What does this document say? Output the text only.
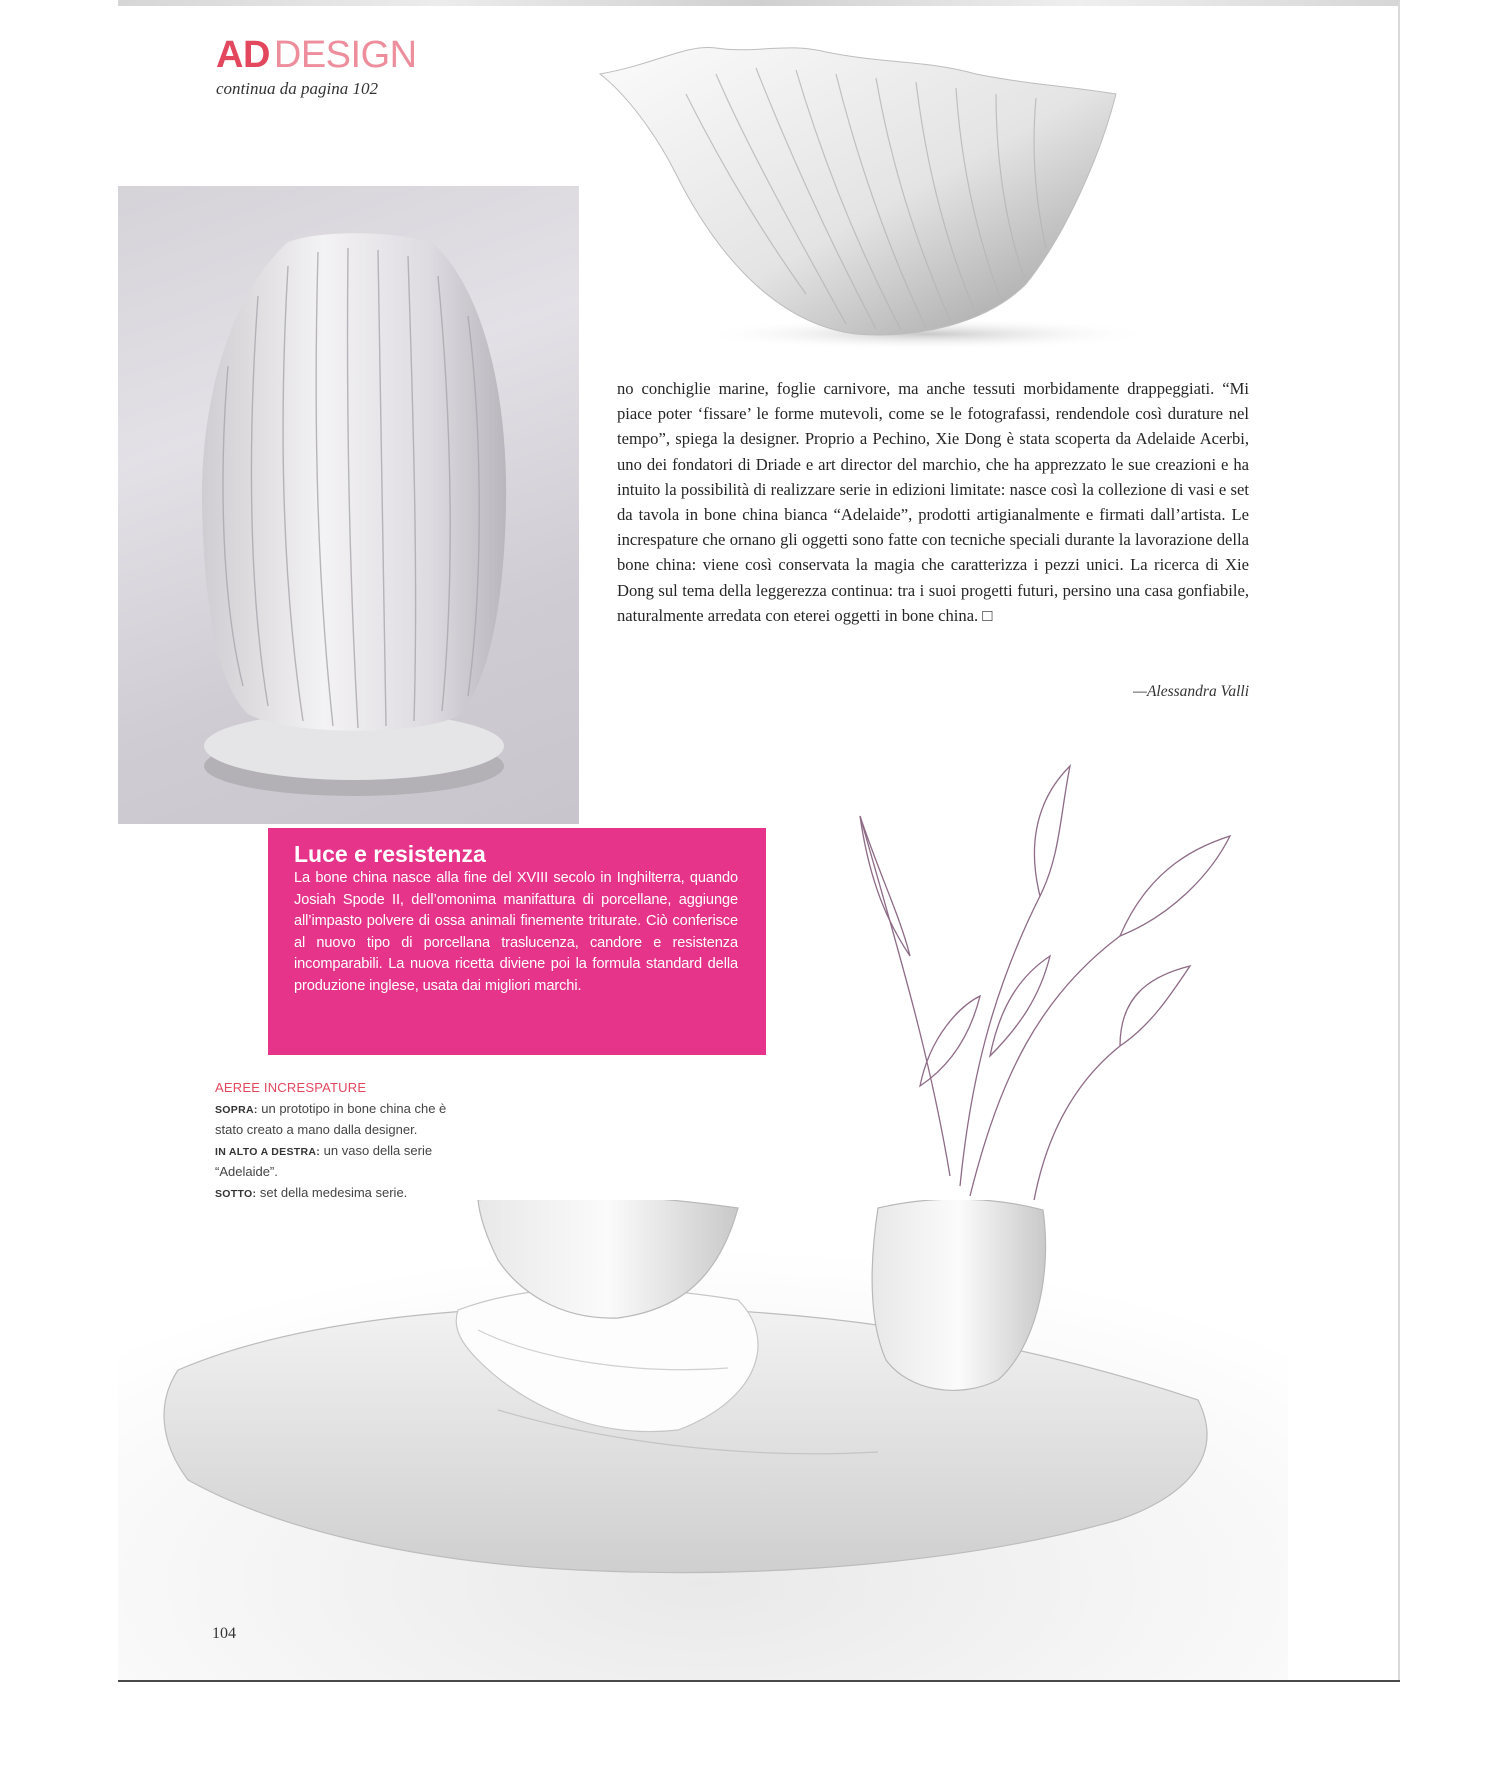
AD DESIGN
continua da pagina 102

no conchiglie marine, foglie carnivore, ma anche tessuti morbidamente drappeggiati. “Mi piace poter ‘fissare’ le forme mutevoli, come se le fotografassi, rendendole così durature nel tempo”, spiega la designer. Proprio a Pechino, Xie Dong è stata scoperta da Adelaide Acerbi, uno dei fondatori di Driade e art director del marchio, che ha apprezzato le sue creazioni e ha intuito la possibilità di realizzare serie in edizioni limitate: nasce così la collezione di vasi e set da tavola in bone china bianca “Adelaide”, prodotti artigianalmente e firmati dall’artista. Le increspature che ornano gli oggetti sono fatte con tecniche speciali durante la lavorazione della bone china: viene così conservata la magia che caratterizza i pezzi unici. La ricerca di Xie Dong sul tema della leggerezza continua: tra i suoi progetti futuri, persino una casa gonfiabile, naturalmente arredata con eterei oggetti in bone china. □

—Alessandra Valli
Luce e resistenza
La bone china nasce alla fine del XVIII secolo in Inghilterra, quando Josiah Spode II, dell’omonima manifattura di porcellane, aggiunge all’impasto polvere di ossa animali finemente triturate. Ciò conferisce al nuovo tipo di porcellana traslucenza, candore e resistenza incomparabili. La nuova ricetta diviene poi la formula standard della produzione inglese, usata dai migliori marchi.
AEREE INCRESPATURE
SOPRA: un prototipo in bone china che è stato creato a mano dalla designer.
IN ALTO A DESTRA: un vaso della serie “Adelaide”.
SOTTO: set della medesima serie.
104
